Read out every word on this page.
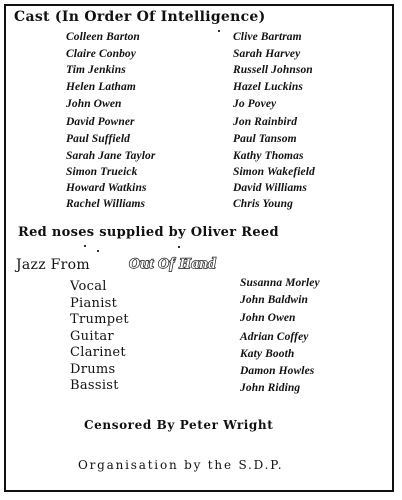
Cast (In Order Of Intelligence)
Colleen Barton
Claire Conboy
Tim Jenkins
Helen Latham
John Owen
David Powner
Paul Suffield
Sarah Jane Taylor
Simon Trueick
Howard Watkins
Rachel Williams
Clive Bartram
Sarah Harvey
Russell Johnson
Hazel Luckins
Jo Povey
Jon Rainbird
Paul Tansom
Kathy Thomas
Simon Wakefield
David Williams
Chris Young
Red noses supplied by Oliver Reed
Jazz From	Out Of Hand
Vocal
Pianist
Trumpet
Guitar
Clarinet
Drums
Bassist
Susanna Morley
John Baldwin
John Owen
Adrian Coffey
Katy Booth
Damon Howles
John Riding
Censored By Peter Wright
Organisation by the S.D.P.
